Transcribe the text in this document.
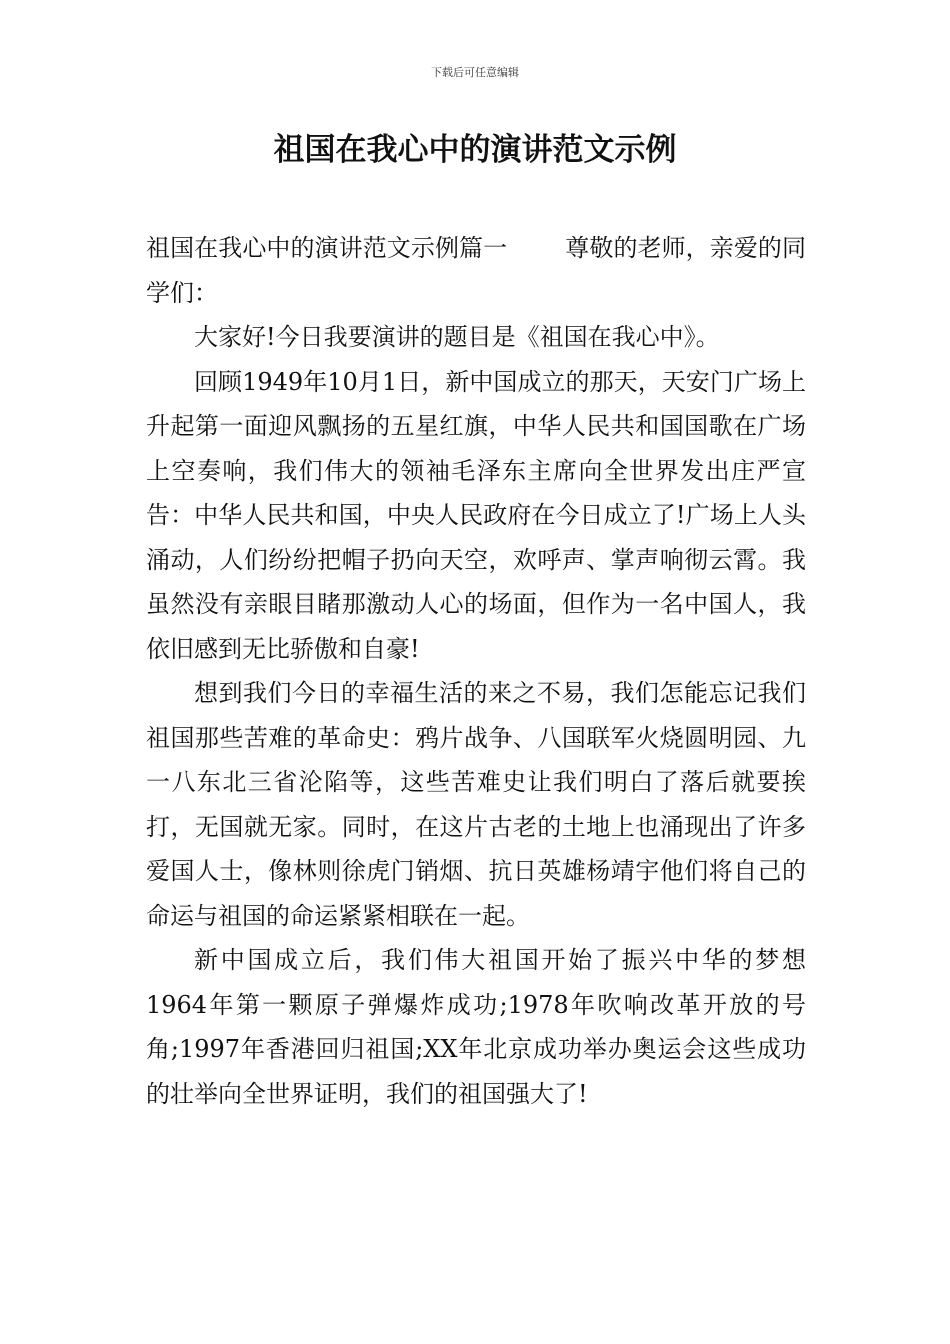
下载后可任意编辑
祖国在我心中的演讲范文示例

祖国在我心中的演讲范文示例篇一 尊敬的老师，亲爱的同学们：

大家好!今日我要演讲的题目是《祖国在我心中》。

回顾1949年10月1日，新中国成立的那天，天安门广场上升起第一面迎风飘扬的五星红旗，中华人民共和国国歌在广场上空奏响，我们伟大的领袖毛泽东主席向全世界发出庄严宣告：中华人民共和国，中央人民政府在今日成立了!广场上人头涌动，人们纷纷把帽子扔向天空，欢呼声、掌声响彻云霄。我虽然没有亲眼目睹那激动人心的场面，但作为一名中国人，我依旧感到无比骄傲和自豪!

想到我们今日的幸福生活的来之不易，我们怎能忘记我们祖国那些苦难的革命史：鸦片战争、八国联军火烧圆明园、九一八东北三省沦陷等，这些苦难史让我们明白了落后就要挨打，无国就无家。同时，在这片古老的土地上也涌现出了许多爱国人士，像林则徐虎门销烟、抗日英雄杨靖宇他们将自己的命运与祖国的命运紧紧相联在一起。

新中国成立后，我们伟大祖国开始了振兴中华的梦想1964年第一颗原子弹爆炸成功;1978年吹响改革开放的号角;1997年香港回归祖国;XX年北京成功举办奥运会这些成功的壮举向全世界证明，我们的祖国强大了!
